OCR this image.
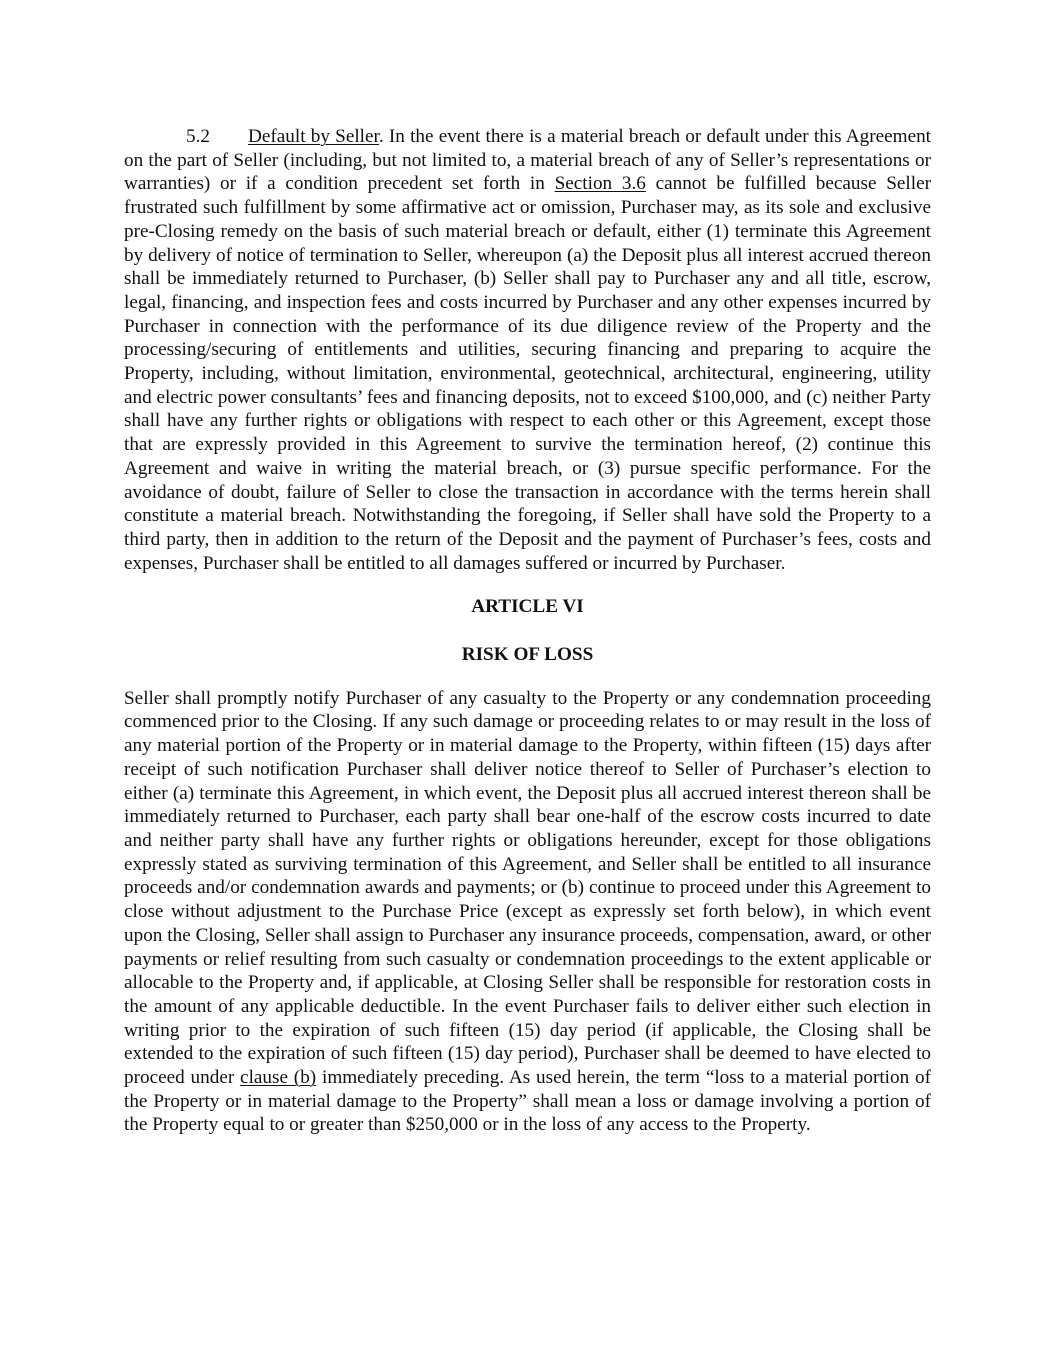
5.2 Default by Seller. In the event there is a material breach or default under this Agreement on the part of Seller (including, but not limited to, a material breach of any of Seller’s representations or warranties) or if a condition precedent set forth in Section 3.6 cannot be fulfilled because Seller frustrated such fulfillment by some affirmative act or omission, Purchaser may, as its sole and exclusive pre-Closing remedy on the basis of such material breach or default, either (1) terminate this Agreement by delivery of notice of termination to Seller, whereupon (a) the Deposit plus all interest accrued thereon shall be immediately returned to Purchaser, (b) Seller shall pay to Purchaser any and all title, escrow, legal, financing, and inspection fees and costs incurred by Purchaser and any other expenses incurred by Purchaser in connection with the performance of its due diligence review of the Property and the processing/securing of entitlements and utilities, securing financing and preparing to acquire the Property, including, without limitation, environmental, geotechnical, architectural, engineering, utility and electric power consultants’ fees and financing deposits, not to exceed $100,000, and (c) neither Party shall have any further rights or obligations with respect to each other or this Agreement, except those that are expressly provided in this Agreement to survive the termination hereof, (2) continue this Agreement and waive in writing the material breach, or (3) pursue specific performance. For the avoidance of doubt, failure of Seller to close the transaction in accordance with the terms herein shall constitute a material breach. Notwithstanding the foregoing, if Seller shall have sold the Property to a third party, then in addition to the return of the Deposit and the payment of Purchaser’s fees, costs and expenses, Purchaser shall be entitled to all damages suffered or incurred by Purchaser.

ARTICLE VI

RISK OF LOSS

Seller shall promptly notify Purchaser of any casualty to the Property or any condemnation proceeding commenced prior to the Closing. If any such damage or proceeding relates to or may result in the loss of any material portion of the Property or in material damage to the Property, within fifteen (15) days after receipt of such notification Purchaser shall deliver notice thereof to Seller of Purchaser’s election to either (a) terminate this Agreement, in which event, the Deposit plus all accrued interest thereon shall be immediately returned to Purchaser, each party shall bear one-half of the escrow costs incurred to date and neither party shall have any further rights or obligations hereunder, except for those obligations expressly stated as surviving termination of this Agreement, and Seller shall be entitled to all insurance proceeds and/or condemnation awards and payments; or (b) continue to proceed under this Agreement to close without adjustment to the Purchase Price (except as expressly set forth below), in which event upon the Closing, Seller shall assign to Purchaser any insurance proceeds, compensation, award, or other payments or relief resulting from such casualty or condemnation proceedings to the extent applicable or allocable to the Property and, if applicable, at Closing Seller shall be responsible for restoration costs in the amount of any applicable deductible. In the event Purchaser fails to deliver either such election in writing prior to the expiration of such fifteen (15) day period (if applicable, the Closing shall be extended to the expiration of such fifteen (15) day period), Purchaser shall be deemed to have elected to proceed under clause (b) immediately preceding. As used herein, the term “loss to a material portion of the Property or in material damage to the Property” shall mean a loss or damage involving a portion of the Property equal to or greater than $250,000 or in the loss of any access to the Property.
